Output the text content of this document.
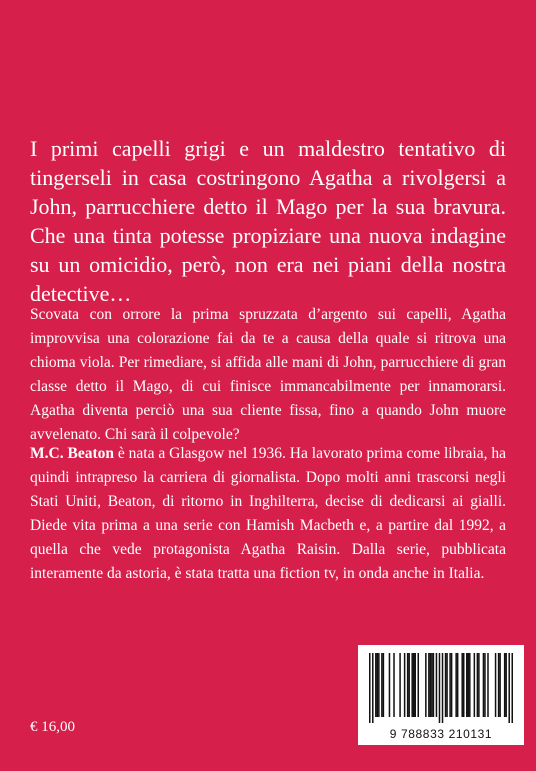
I primi capelli grigi e un maldestro tentativo di tingerseli in casa costringono Agatha a rivolgersi a John, parrucchiere detto il Mago per la sua bravura. Che una tinta potesse propiziare una nuova indagine su un omicidio, però, non era nei piani della nostra detective…

Scovata con orrore la prima spruzzata d’argento sui capelli, Agatha improvvisa una colorazione fai da te a causa della quale si ritrova una chioma viola. Per rimediare, si affida alle mani di John, parrucchiere di gran classe detto il Mago, di cui finisce immancabilmente per innamorarsi. Agatha diventa perciò una sua cliente fissa, fino a quando John muore avvelenato. Chi sarà il colpevole?

M.C. Beaton è nata a Glasgow nel 1936. Ha lavorato prima come libraia, ha quindi intrapreso la carriera di giornalista. Dopo molti anni trascorsi negli Stati Uniti, Beaton, di ritorno in Inghilterra, decise di dedicarsi ai gialli. Diede vita prima a una serie con Hamish Macbeth e, a partire dal 1992, a quella che vede protagonista Agatha Raisin. Dalla serie, pubblicata interamente da astoria, è stata tratta una fiction tv, in onda anche in Italia.

€ 16,00	9 788833 210131
